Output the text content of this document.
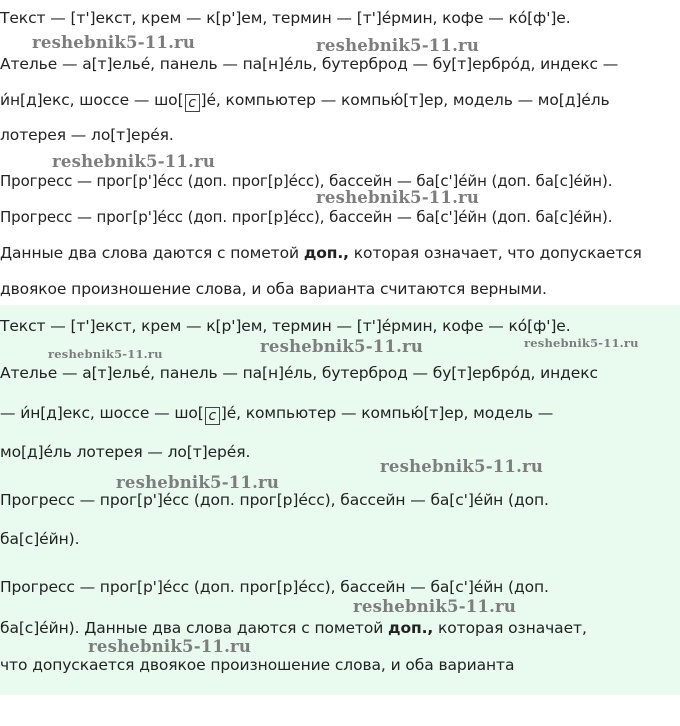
Текст — [т']екст, крем — к[р']ем, термин — [т']е́рмин, кофе — ко́[ф']е.
Ателье — а[т]ельé, панель — па[н]е́ль, бутерброд — бу[т]ербро́д, индекс —
и́н[д]екс, шоссе — шо[ с ]е́, компьютер — компью́[т]ер, модель — мо[д]е́ль
лотерея — ло[т]ере́я.
Прогресс — прог[р']е́сс (доп. прог[р]е́сс), бассейн — ба[с']е́йн (доп. ба[с]е́йн).
Прогресс — прог[р']е́сс (доп. прог[р]е́сс), бассейн — ба[с']е́йн (доп. ба[с]е́йн).
Данные два слова даются с пометой доп., которая означает, что допускается
двоякое произношение слова, и оба варианта считаются верными.
Текст — [т']екст, крем — к[р']ем, термин — [т']е́рмин, кофе — ко́[ф']е.
Ателье — а[т]ельé, панель — па[н]е́ль, бутерброд — бу[т]ербро́д, индекс
— и́н[д]екс, шоссе — шо[ с ]е́, компьютер — компью́[т]ер, модель —
мо[д]е́ль лотерея — ло[т]ере́я.
Прогресс — прог[р']е́сс (доп. прог[р]е́сс), бассейн — ба[с']е́йн (доп.
ба[с]е́йн).
Прогресс — прог[р']е́сс (доп. прог[р]е́сс), бассейн — ба[с']е́йн (доп.
ба[с]е́йн). Данные два слова даются с пометой доп., которая означает,
что допускается двоякое произношение слова, и оба варианта
reshebnik5-11.ru	reshebnik5-11.ru
reshebnik5-11.ru
reshebnik5-11.ru
reshebnik5-11.ru	reshebnik5-11.ru	reshebnik5-11.ru
reshebnik5-11.ru
reshebnik5-11.ru
reshebnik5-11.ru
reshebnik5-11.ru
